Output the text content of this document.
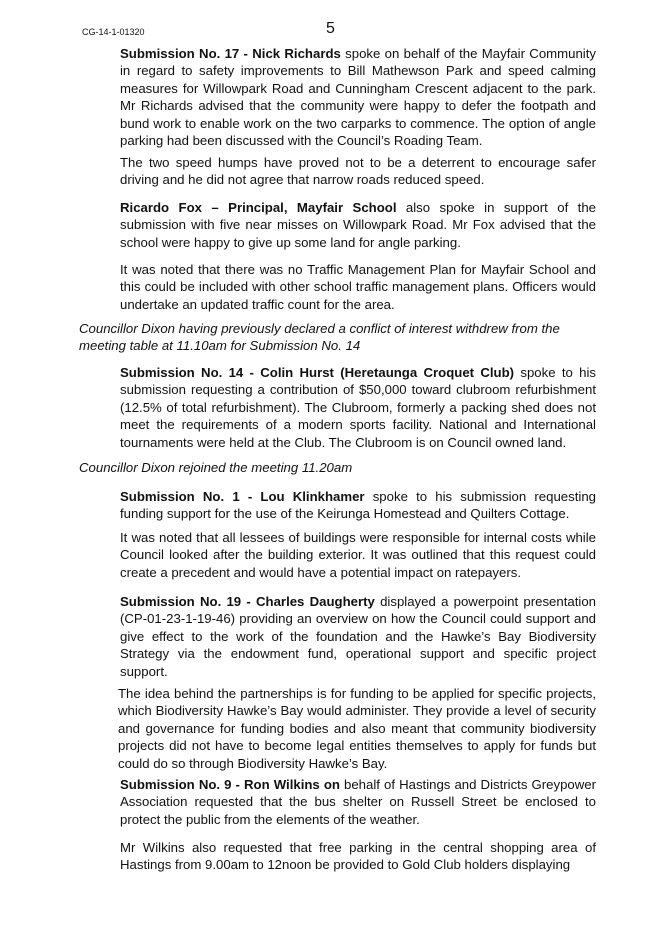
CG-14-1-01320	5

Submission No. 17 - Nick Richards spoke on behalf of the Mayfair Community in regard to safety improvements to Bill Mathewson Park and speed calming measures for Willowpark Road and Cunningham Crescent adjacent to the park. Mr Richards advised that the community were happy to defer the footpath and bund work to enable work on the two carparks to commence. The option of angle parking had been discussed with the Council’s Roading Team.

The two speed humps have proved not to be a deterrent to encourage safer driving and he did not agree that narrow roads reduced speed.

Ricardo Fox – Principal, Mayfair School also spoke in support of the submission with five near misses on Willowpark Road. Mr Fox advised that the school were happy to give up some land for angle parking.

It was noted that there was no Traffic Management Plan for Mayfair School and this could be included with other school traffic management plans. Officers would undertake an updated traffic count for the area.

Councillor Dixon having previously declared a conflict of interest withdrew from the meeting table at 11.10am for Submission No. 14

Submission No. 14 - Colin Hurst (Heretaunga Croquet Club) spoke to his submission requesting a contribution of $50,000 toward clubroom refurbishment (12.5% of total refurbishment). The Clubroom, formerly a packing shed does not meet the requirements of a modern sports facility. National and International tournaments were held at the Club. The Clubroom is on Council owned land.

Councillor Dixon rejoined the meeting 11.20am

Submission No. 1 - Lou Klinkhamer spoke to his submission requesting funding support for the use of the Keirunga Homestead and Quilters Cottage.

It was noted that all lessees of buildings were responsible for internal costs while Council looked after the building exterior. It was outlined that this request could create a precedent and would have a potential impact on ratepayers.

Submission No. 19 - Charles Daugherty displayed a powerpoint presentation (CP-01-23-1-19-46) providing an overview on how the Council could support and give effect to the work of the foundation and the Hawke’s Bay Biodiversity Strategy via the endowment fund, operational support and specific project support.

The idea behind the partnerships is for funding to be applied for specific projects, which Biodiversity Hawke’s Bay would administer. They provide a level of security and governance for funding bodies and also meant that community biodiversity projects did not have to become legal entities themselves to apply for funds but could do so through Biodiversity Hawke’s Bay.

Submission No. 9 - Ron Wilkins on behalf of Hastings and Districts Greypower Association requested that the bus shelter on Russell Street be enclosed to protect the public from the elements of the weather.

Mr Wilkins also requested that free parking in the central shopping area of Hastings from 9.00am to 12noon be provided to Gold Club holders displaying
